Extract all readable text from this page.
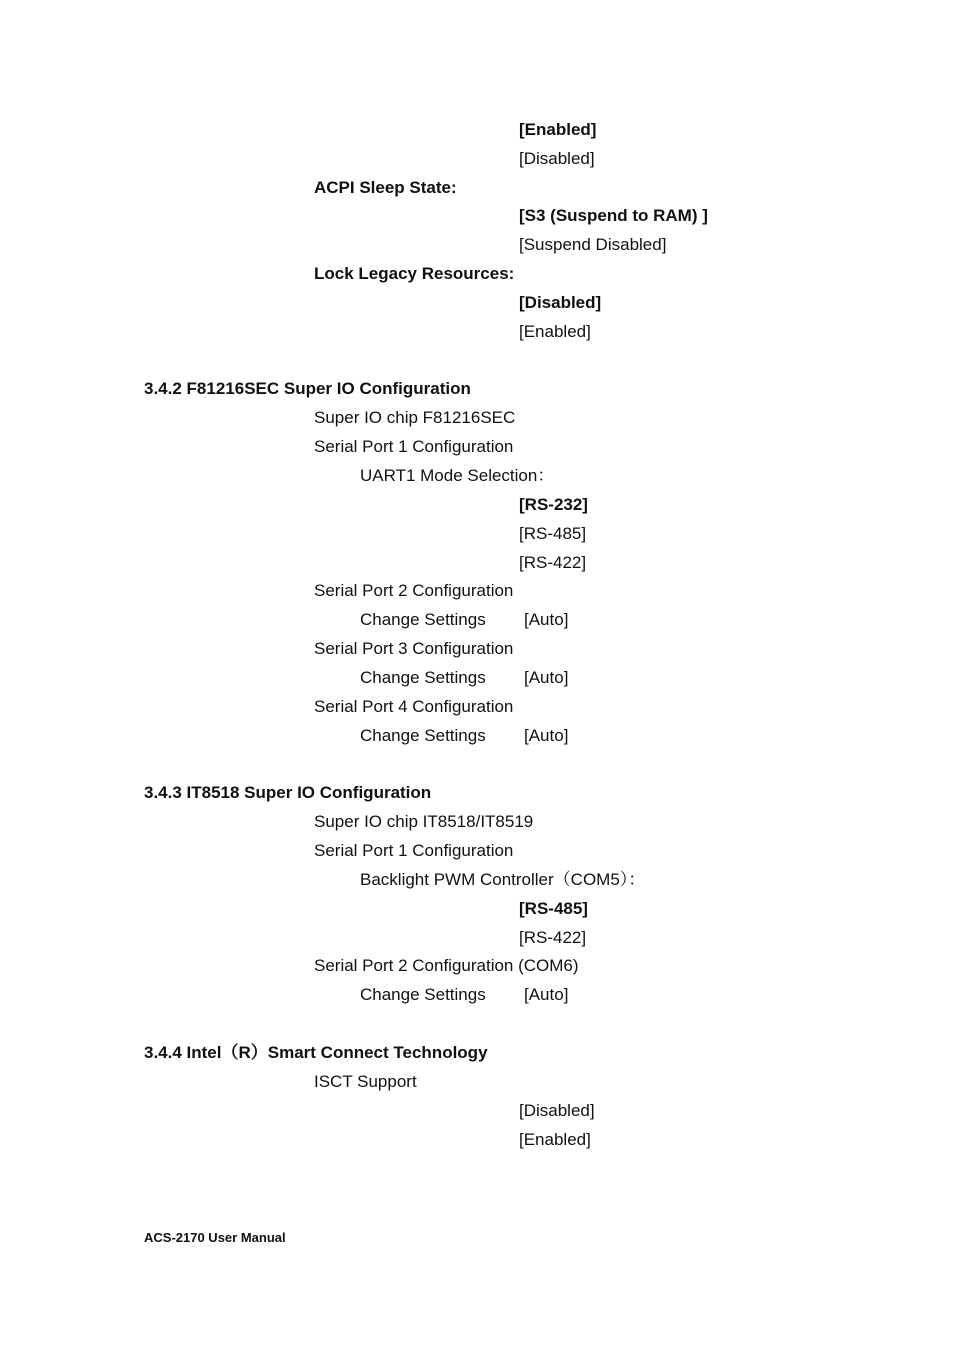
[Enabled]
[Disabled]
ACPI Sleep State:
[S3 (Suspend to RAM) ]
[Suspend Disabled]
Lock Legacy Resources:
[Disabled]
[Enabled]
3.4.2 F81216SEC Super IO Configuration
Super IO chip F81216SEC
Serial Port 1 Configuration
UART1 Mode Selection：
[RS-232]
[RS-485]
[RS-422]
Serial Port 2 Configuration
Change Settings [Auto]
Serial Port 3 Configuration
Change Settings [Auto]
Serial Port 4 Configuration
Change Settings [Auto]
3.4.3 IT8518 Super IO Configuration
Super IO chip IT8518/IT8519
Serial Port 1 Configuration
Backlight PWM Controller（COM5）：
[RS-485]
[RS-422]
Serial Port 2 Configuration (COM6)
Change Settings [Auto]
3.4.4 Intel（R）Smart Connect Technology
ISCT Support
[Disabled]
[Enabled]
ACS-2170 User Manual
